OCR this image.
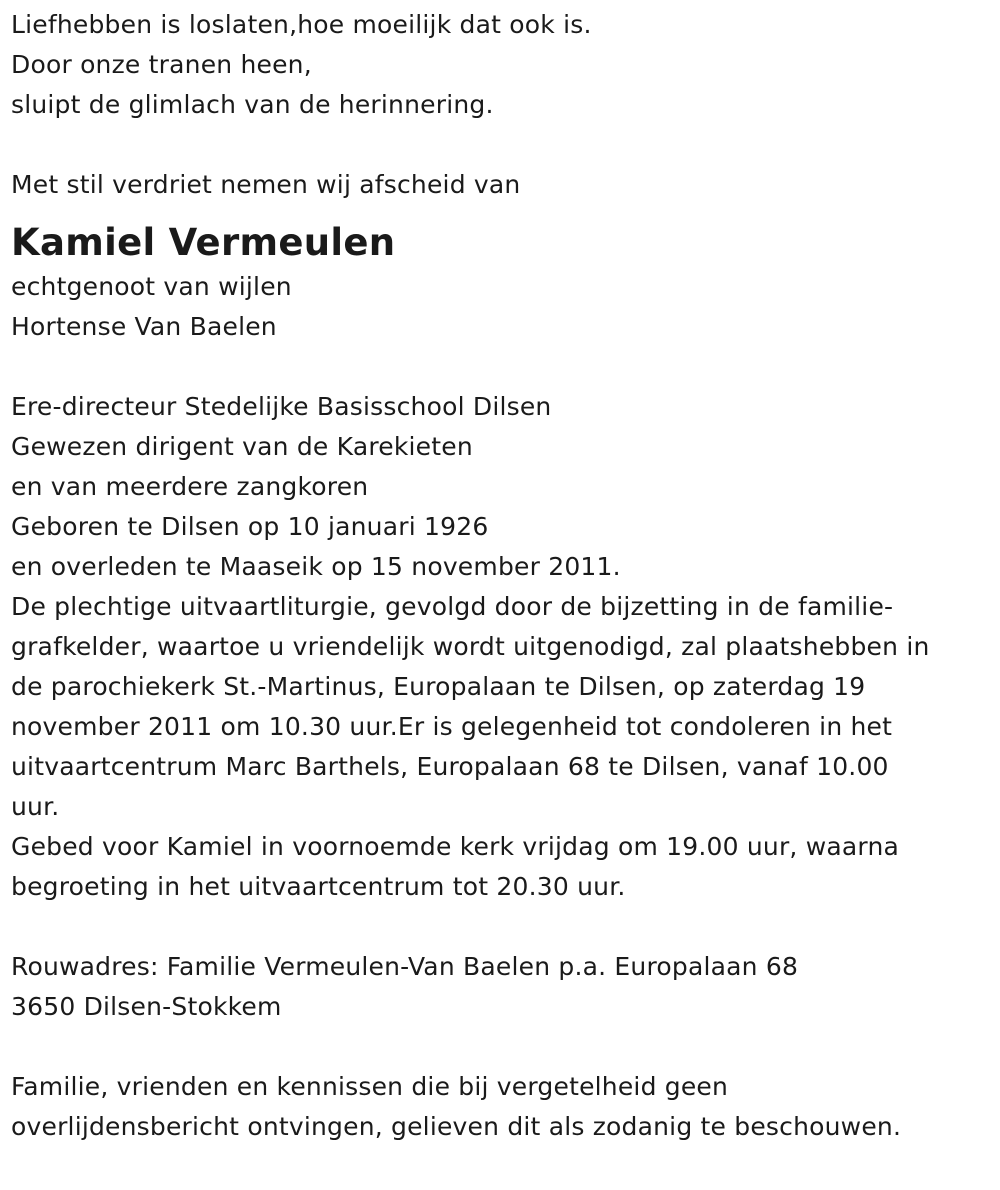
Liefhebben is loslaten,hoe moeilijk dat ook is.
Door onze tranen heen,
sluipt de glimlach van de herinnering.
Met stil verdriet nemen wij afscheid van
Kamiel Vermeulen
echtgenoot van wijlen
Hortense Van Baelen
Ere-directeur Stedelijke Basisschool Dilsen
Gewezen dirigent van de Karekieten
en van meerdere zangkoren
Geboren te Dilsen op 10 januari 1926
en overleden te Maaseik op 15 november 2011.
De plechtige uitvaartliturgie, gevolgd door de bijzetting in de familie-
grafkelder, waartoe u vriendelijk wordt uitgenodigd, zal plaatshebben in
de parochiekerk St.-Martinus, Europalaan te Dilsen, op zaterdag 19
november 2011 om 10.30 uur.Er is gelegenheid tot condoleren in het
uitvaartcentrum Marc Barthels, Europalaan 68 te Dilsen, vanaf 10.00
uur.
Gebed voor Kamiel in voornoemde kerk vrijdag om 19.00 uur, waarna
begroeting in het uitvaartcentrum tot 20.30 uur.
Rouwadres: Familie Vermeulen-Van Baelen p.a. Europalaan 68
3650 Dilsen-Stokkem
Familie, vrienden en kennissen die bij vergetelheid geen
overlijdensbericht ontvingen, gelieven dit als zodanig te beschouwen.
